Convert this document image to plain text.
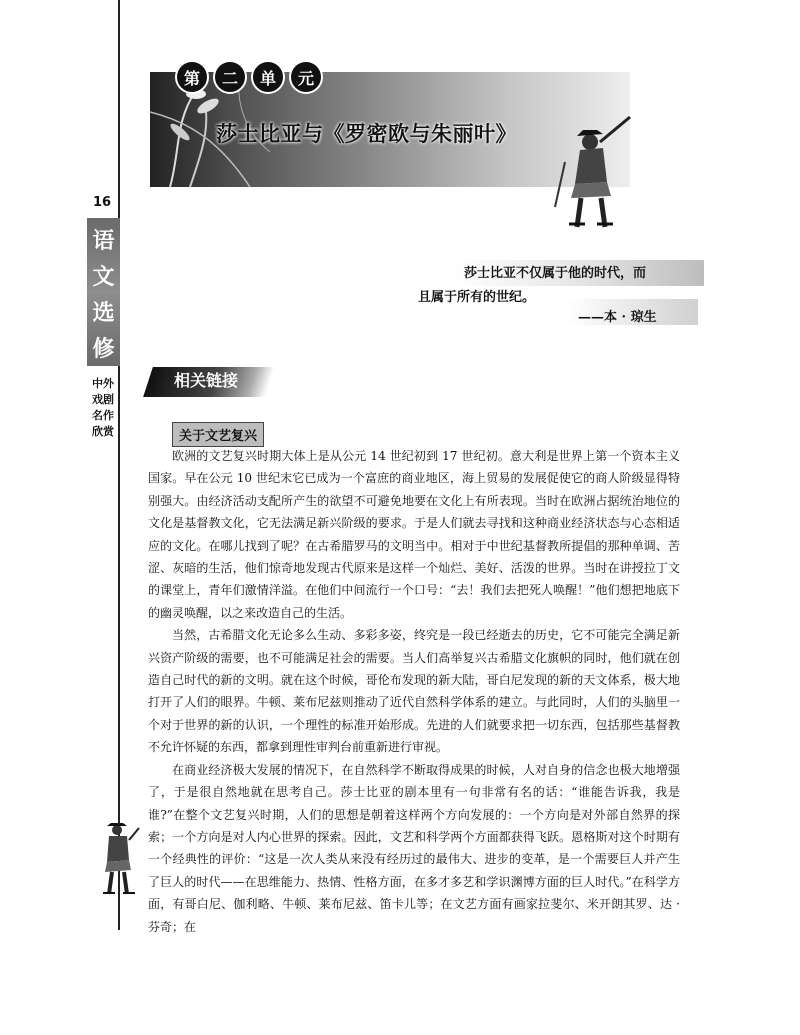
16
语
文
选
修
中外戏剧名作欣赏
第	二	单	元
莎士比亚与《罗密欧与朱丽叶》
莎士比亚不仅属于他的时代，而
且属于所有的世纪。
——本 · 琼生
相关链接
关于文艺复兴

欧洲的文艺复兴时期大体上是从公元 14 世纪初到 17 世纪初。意大利是世界上第一个资本主义国家。早在公元 10 世纪末它已成为一个富庶的商业地区，海上贸易的发展促使它的商人阶级显得特别强大。由经济活动支配所产生的欲望不可避免地要在文化上有所表现。当时在欧洲占据统治地位的文化是基督教文化，它无法满足新兴阶级的要求。于是人们就去寻找和这种商业经济状态与心态相适应的文化。在哪儿找到了呢？在古希腊罗马的文明当中。相对于中世纪基督教所提倡的那种单调、苦涩、灰暗的生活，他们惊奇地发现古代原来是这样一个灿烂、美好、活泼的世界。当时在讲授拉丁文的课堂上，青年们激情洋溢。在他们中间流行一个口号：“去！我们去把死人唤醒！”他们想把地底下的幽灵唤醒，以之来改造自己的生活。

当然，古希腊文化无论多么生动、多彩多姿，终究是一段已经逝去的历史，它不可能完全满足新兴资产阶级的需要，也不可能满足社会的需要。当人们高举复兴古希腊文化旗帜的同时，他们就在创造自己时代的新的文明。就在这个时候，哥伦布发现的新大陆，哥白尼发现的新的天文体系，极大地打开了人们的眼界。牛顿、莱布尼兹则推动了近代自然科学体系的建立。与此同时，人们的头脑里一个对于世界的新的认识，一个理性的标准开始形成。先进的人们就要求把一切东西，包括那些基督教不允许怀疑的东西，都拿到理性审判台前重新进行审视。

在商业经济极大发展的情况下，在自然科学不断取得成果的时候，人对自身的信念也极大地增强了，于是很自然地就在思考自己。莎士比亚的剧本里有一句非常有名的话：“谁能告诉我，我是谁?”在整个文艺复兴时期，人们的思想是朝着这样两个方向发展的：一个方向是对外部自然界的探索；一个方向是对人内心世界的探索。因此，文艺和科学两个方面都获得飞跃。恩格斯对这个时期有一个经典性的评价：“这是一次人类从来没有经历过的最伟大、进步的变革，是一个需要巨人并产生了巨人的时代——在思维能力、热情、性格方面，在多才多艺和学识渊博方面的巨人时代。”在科学方面，有哥白尼、伽利略、牛顿、莱布尼兹、笛卡儿等；在文艺方面有画家拉斐尔、米开朗其罗、达 · 芬奇；在
